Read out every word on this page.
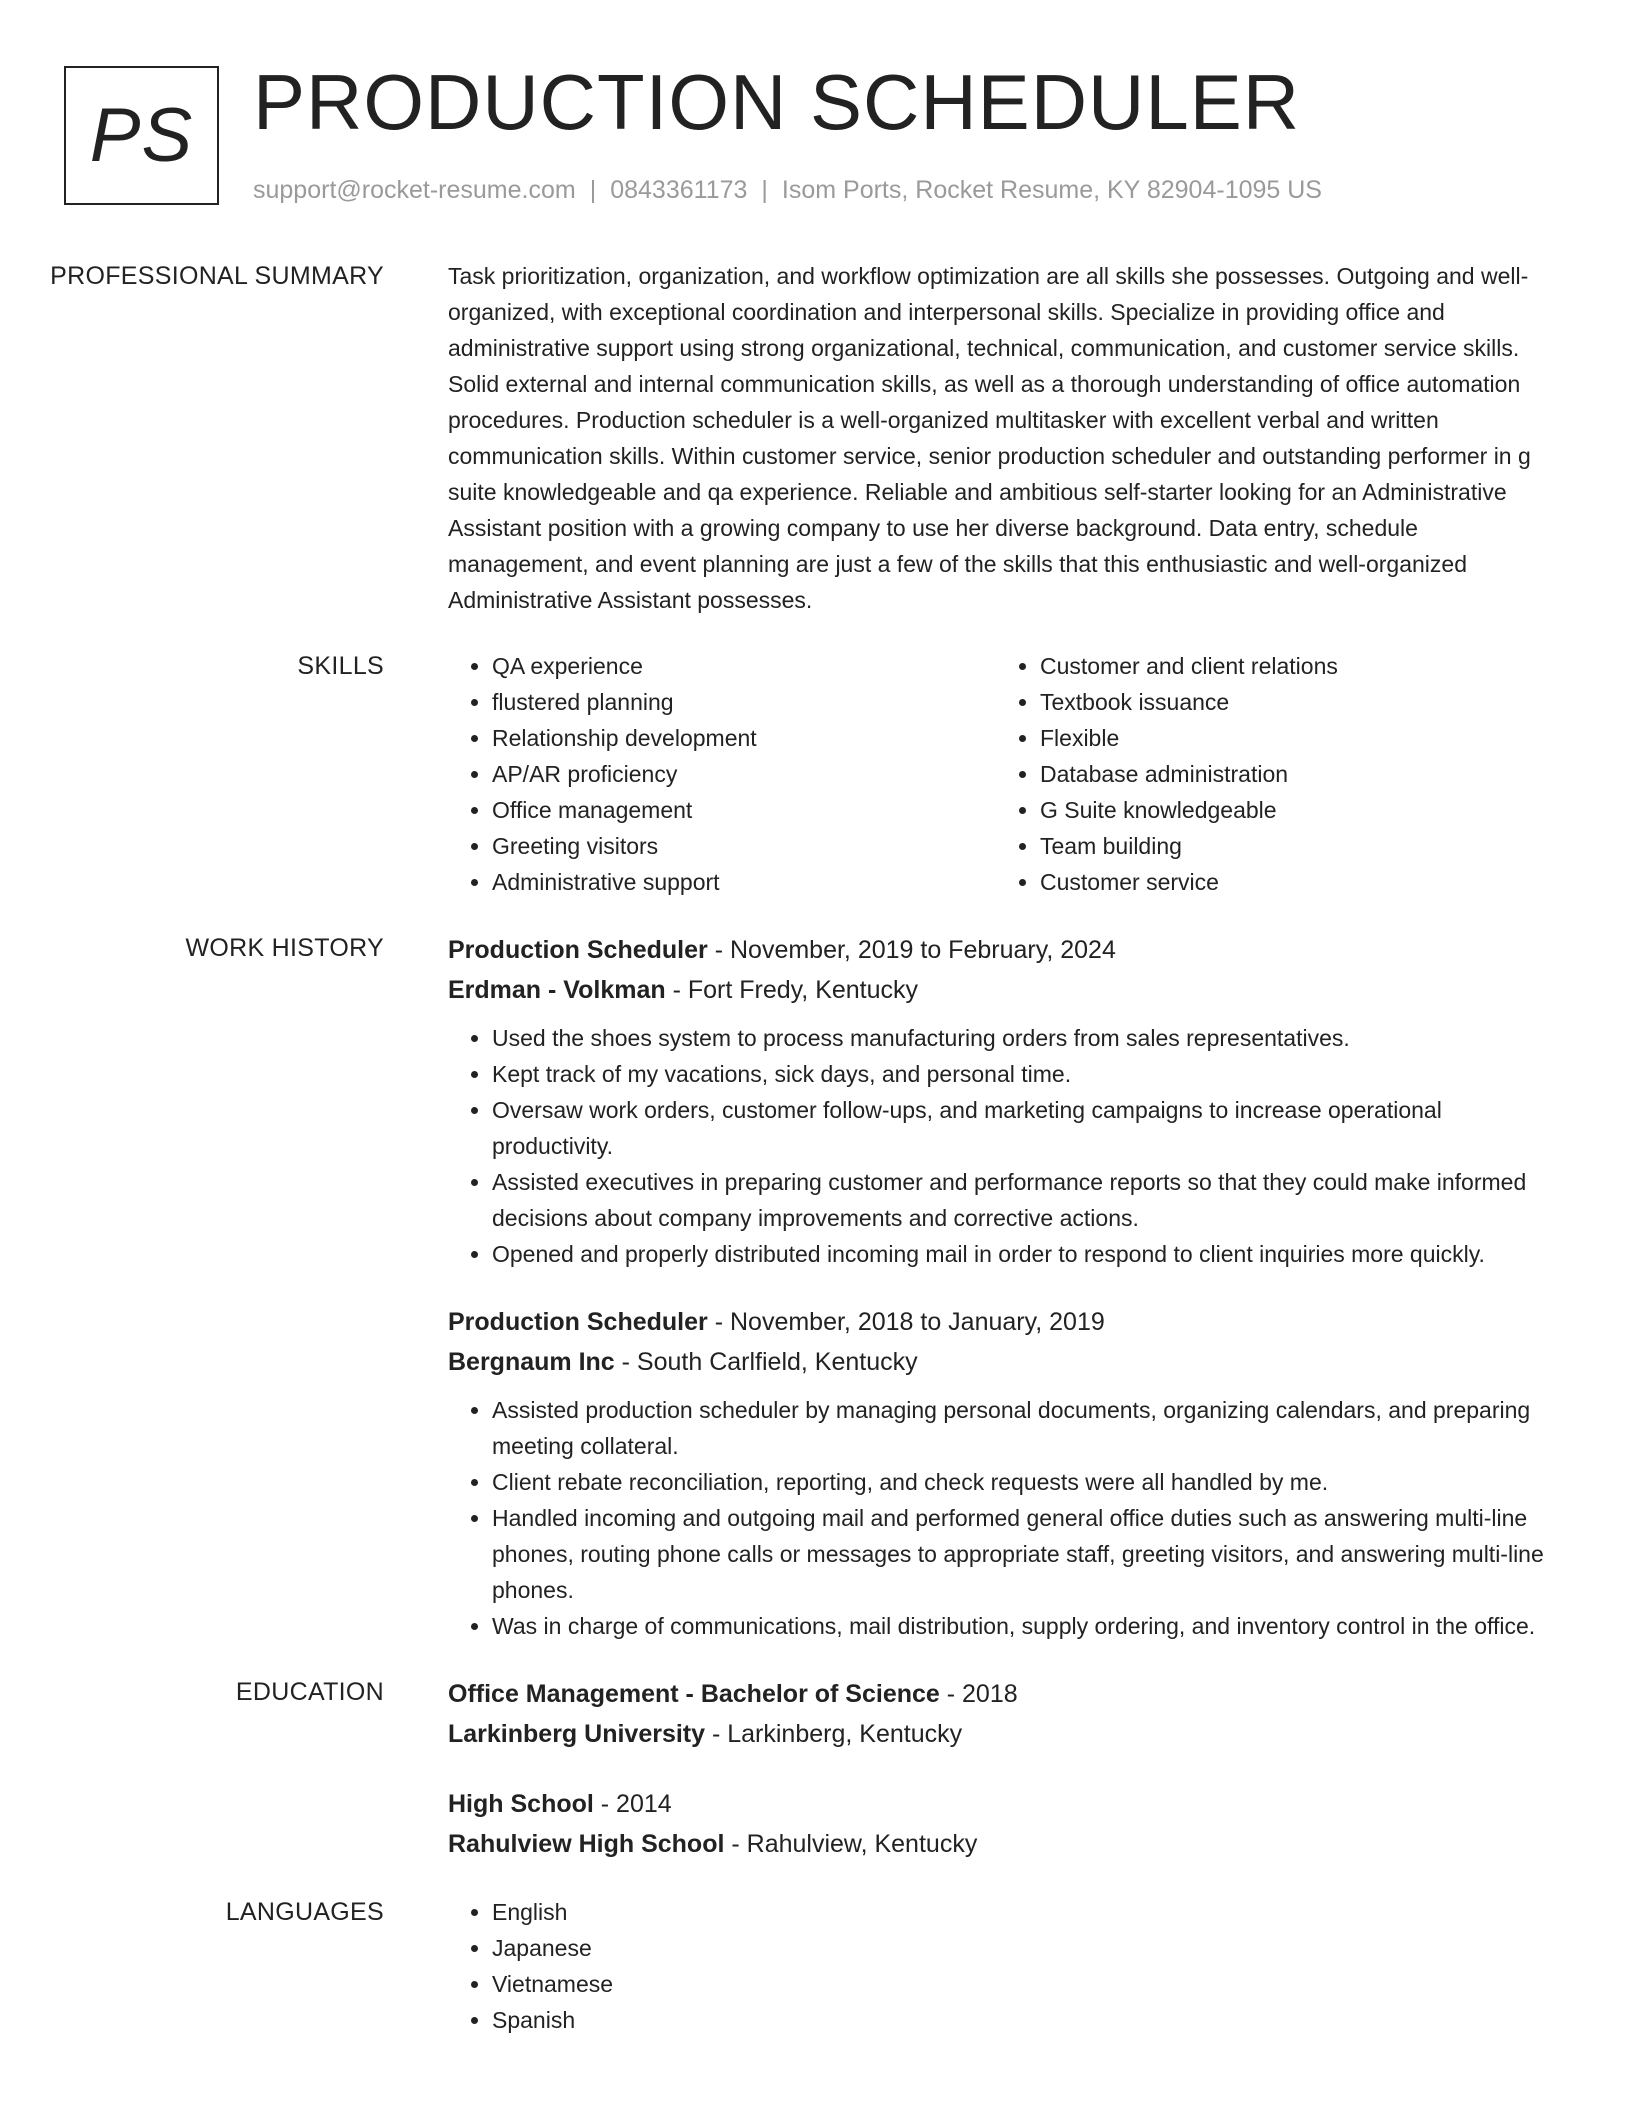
PS PRODUCTION SCHEDULER
support@rocket-resume.com | 0843361173 | Isom Ports, Rocket Resume, KY 82904-1095 US
PROFESSIONAL SUMMARY	Task prioritization, organization, and workflow optimization are all skills she possesses. Outgoing and well-organized, with exceptional coordination and interpersonal skills. Specialize in providing office and administrative support using strong organizational, technical, communication, and customer service skills. Solid external and internal communication skills, as well as a thorough understanding of office automation procedures. Production scheduler is a well-organized multitasker with excellent verbal and written communication skills. Within customer service, senior production scheduler and outstanding performer in g suite knowledgeable and qa experience. Reliable and ambitious self-starter looking for an Administrative Assistant position with a growing company to use her diverse background. Data entry, schedule management, and event planning are just a few of the skills that this enthusiastic and well-organized Administrative Assistant possesses.

SKILLS	• QA experience
• flustered planning
• Relationship development
• AP/AR proficiency
• Office management
• Greeting visitors
• Administrative support
• Customer and client relations
• Textbook issuance
• Flexible
• Database administration
• G Suite knowledgeable
• Team building
• Customer service
WORK HISTORY	Production Scheduler - November, 2019 to February, 2024
Erdman - Volkman - Fort Fredy, Kentucky
• Used the shoes system to process manufacturing orders from sales representatives.
• Kept track of my vacations, sick days, and personal time.
• Oversaw work orders, customer follow-ups, and marketing campaigns to increase operational productivity.
• Assisted executives in preparing customer and performance reports so that they could make informed decisions about company improvements and corrective actions.
• Opened and properly distributed incoming mail in order to respond to client inquiries more quickly.
Production Scheduler - November, 2018 to January, 2019
Bergnaum Inc - South Carlfield, Kentucky
• Assisted production scheduler by managing personal documents, organizing calendars, and preparing meeting collateral.
• Client rebate reconciliation, reporting, and check requests were all handled by me.
• Handled incoming and outgoing mail and performed general office duties such as answering multi-line phones, routing phone calls or messages to appropriate staff, greeting visitors, and answering multi-line phones.
• Was in charge of communications, mail distribution, supply ordering, and inventory control in the office.
EDUCATION	Office Management - Bachelor of Science - 2018
Larkinberg University - Larkinberg, Kentucky
High School - 2014
Rahulview High School - Rahulview, Kentucky
LANGUAGES	• English
• Japanese
• Vietnamese
• Spanish
